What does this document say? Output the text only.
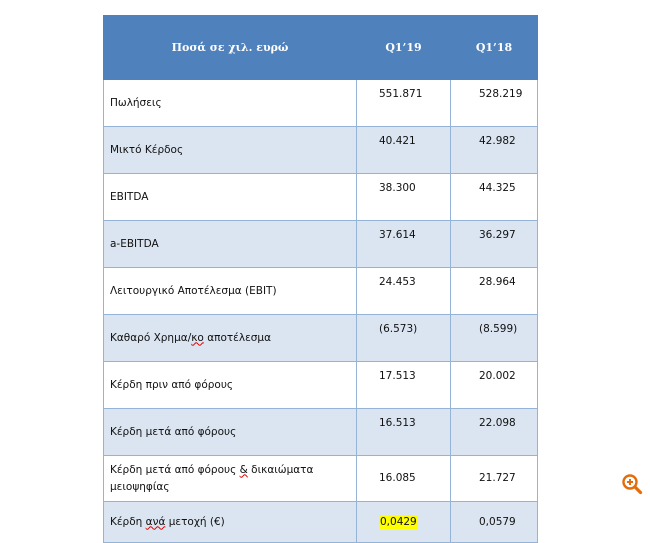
Ποσά σε χιλ. ευρώ	Q1’19	Q1’18
Πωλήσεις	551.871	528.219
Μικτό Κέρδος	40.421	42.982
EBITDA	38.300	44.325
a-EBITDA	37.614	36.297
Λειτουργικό Αποτέλεσμα (EBIT)	24.453	28.964
Καθαρό Χρημα/κο αποτέλεσμα	(6.573)	(8.599)
Κέρδη πριν από φόρους	17.513	20.002
Κέρδη μετά από φόρους	16.513	22.098
Κέρδη μετά από φόρους & δικαιώματα μειοψηφίας	16.085	21.727
Κέρδη ανά μετοχή (€)	0,0429	0,0579
